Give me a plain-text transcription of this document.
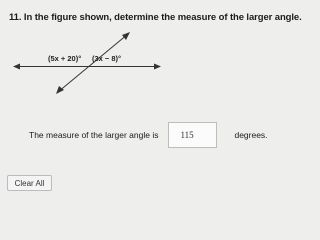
11. In the figure shown, determine the measure of the larger angle.
(5x + 20)° (3x − 8)°
The measure of the larger angle is	115	degrees.
Clear All
